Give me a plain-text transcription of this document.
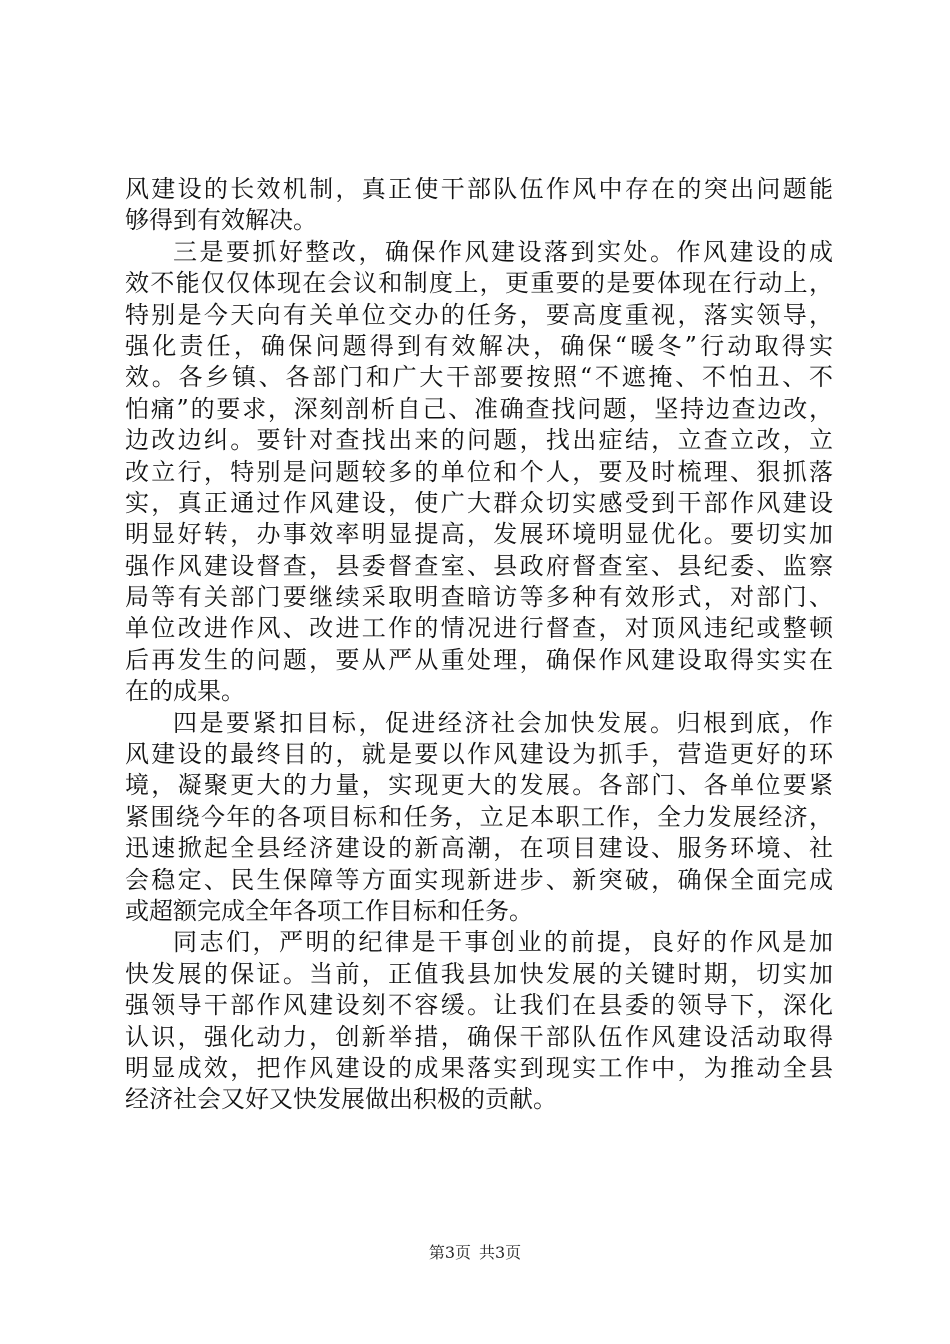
风建设的长效机制，真正使干部队伍作风中存在的突出问题能
够得到有效解决。
三是要抓好整改，确保作风建设落到实处。作风建设的成
效不能仅仅体现在会议和制度上，更重要的是要体现在行动上，
特别是今天向有关单位交办的任务，要高度重视，落实领导，
强化责任，确保问题得到有效解决，确保“暖冬”行动取得实
效。各乡镇、各部门和广大干部要按照“不遮掩、不怕丑、不
怕痛”的要求，深刻剖析自己、准确查找问题，坚持边查边改，
边改边纠。要针对查找出来的问题，找出症结，立查立改，立
改立行，特别是问题较多的单位和个人，要及时梳理、狠抓落
实，真正通过作风建设，使广大群众切实感受到干部作风建设
明显好转，办事效率明显提高，发展环境明显优化。要切实加
强作风建设督查，县委督查室、县政府督查室、县纪委、监察
局等有关部门要继续采取明查暗访等多种有效形式，对部门、
单位改进作风、改进工作的情况进行督查，对顶风违纪或整顿
后再发生的问题，要从严从重处理，确保作风建设取得实实在
在的成果。
四是要紧扣目标，促进经济社会加快发展。归根到底，作
风建设的最终目的，就是要以作风建设为抓手，营造更好的环
境，凝聚更大的力量，实现更大的发展。各部门、各单位要紧
紧围绕今年的各项目标和任务，立足本职工作，全力发展经济，
迅速掀起全县经济建设的新高潮，在项目建设、服务环境、社
会稳定、民生保障等方面实现新进步、新突破，确保全面完成
或超额完成全年各项工作目标和任务。
同志们，严明的纪律是干事创业的前提，良好的作风是加
快发展的保证。当前，正值我县加快发展的关键时期，切实加
强领导干部作风建设刻不容缓。让我们在县委的领导下，深化
认识，强化动力，创新举措，确保干部队伍作风建设活动取得
明显成效，把作风建设的成果落实到现实工作中，为推动全县
经济社会又好又快发展做出积极的贡献。
第3页 共3页
